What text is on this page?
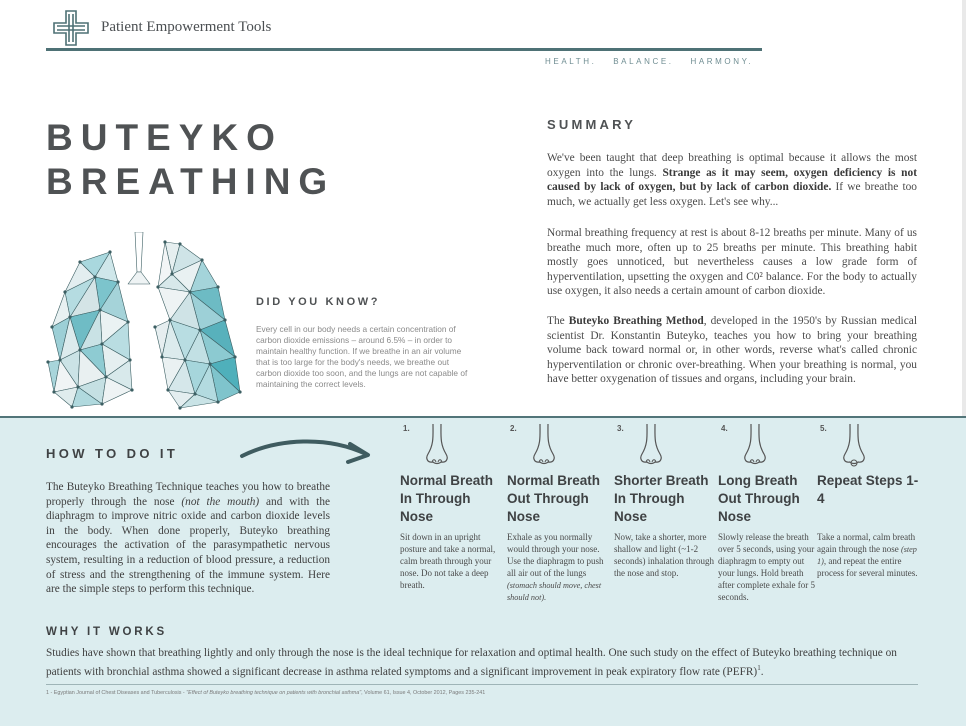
Patient Empowerment Tools
HEALTH. BALANCE. HARMONY.
BUTEYKO
BREATHING
DID YOU KNOW?
Every cell in our body needs a certain concentration of carbon dioxide emissions – around 6.5% – in order to maintain healthy function. If we breathe in an air volume that is too large for the body's needs, we breathe out carbon dioxide too soon, and the lungs are not capable of maintaining the correct levels.
SUMMARY
We've been taught that deep breathing is optimal because it allows the most oxygen into the lungs. Strange as it may seem, oxygen deficiency is not caused by lack of oxygen, but by lack of carbon dioxide. If we breathe too much, we actually get less oxygen. Let's see why...
Normal breathing frequency at rest is about 8-12 breaths per minute. Many of us breathe much more, often up to 25 breaths per minute. This breathing habit mostly goes unnoticed, but nevertheless causes a low grade form of hyperventilation, upsetting the oxygen and C0² balance. For the body to actually use oxygen, it also needs a certain amount of carbon dioxide.
The Buteyko Breathing Method, developed in the 1950's by Russian medical scientist Dr. Konstantin Buteyko, teaches you how to bring your breathing volume back toward normal or, in other words, reverse what's called chronic hyperventilation or chronic over-breathing. When your breathing is normal, you have better oxygenation of tissues and organs, including your brain.
HOW TO DO IT
The Buteyko Breathing Technique teaches you how to breathe properly through the nose (not the mouth) and with the diaphragm to improve nitric oxide and carbon dioxide levels in the body. When done properly, Buteyko breathing encourages the activation of the parasympathetic nervous system, resulting in a reduction of blood pressure, a reduction of stress and the strengthening of the immune system. Here are the simple steps to perform this technique.
1.
Normal Breath In Through Nose
Sit down in an upright posture and take a normal, calm breath through your nose. Do not take a deep breath.
2.
Normal Breath Out Through Nose
Exhale as you normally would through your nose. Use the diaphragm to push all air out of the lungs (stomach should move, chest should not).
3.
Shorter Breath In Through Nose
Now, take a shorter, more shallow and light (~1-2 seconds) inhalation through the nose and stop.
4.
Long Breath Out Through Nose
Slowly release the breath over 5 seconds, using your diaphragm to empty out your lungs. Hold breath after complete exhale for 5 seconds.
5.
Repeat Steps 1-4
Take a normal, calm breath again through the nose (step 1), and repeat the entire process for several minutes.
WHY IT WORKS
Studies have shown that breathing lightly and only through the nose is the ideal technique for relaxation and optimal health. One such study on the effect of Buteyko breathing technique on patients with bronchial asthma showed a significant decrease in asthma related symptoms and a significant improvement in peak expiratory flow rate (PEFR)$^1$.
1 - Egyptian Journal of Chest Diseases and Tuberculosis - "Effect of Buteyko breathing technique on patients with bronchial asthma", Volume 61, Issue 4, October 2012, Pages 235-241
